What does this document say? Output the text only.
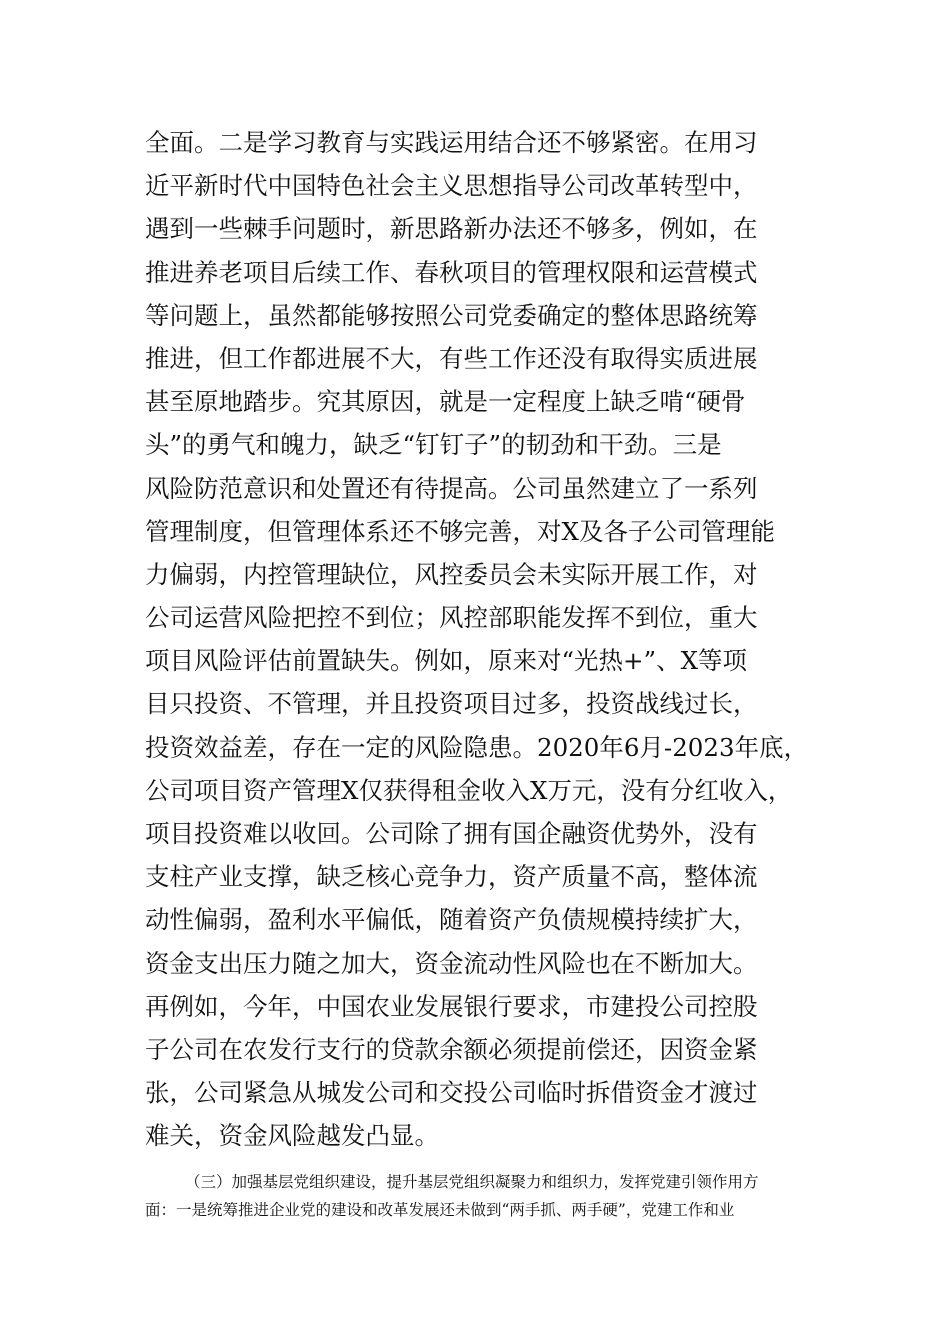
全面。二是学习教育与实践运用结合还不够紧密。在用习
近平新时代中国特色社会主义思想指导公司改革转型中，
遇到一些棘手问题时，新思路新办法还不够多，例如，在
推进养老项目后续工作、春秋项目的管理权限和运营模式
等问题上，虽然都能够按照公司党委确定的整体思路统筹
推进，但工作都进展不大，有些工作还没有取得实质进展
甚至原地踏步。究其原因，就是一定程度上缺乏啃“硬骨
头”的勇气和魄力，缺乏“钉钉子”的韧劲和干劲。三是
风险防范意识和处置还有待提高。公司虽然建立了一系列
管理制度，但管理体系还不够完善，对X及各子公司管理能
力偏弱，内控管理缺位，风控委员会未实际开展工作，对
公司运营风险把控不到位；风控部职能发挥不到位，重大
项目风险评估前置缺失。例如，原来对“光热+”、X等项
目只投资、不管理，并且投资项目过多，投资战线过长，
投资效益差，存在一定的风险隐患。2020年6月-2023年底，
公司项目资产管理X仅获得租金收入X万元，没有分红收入，
项目投资难以收回。公司除了拥有国企融资优势外，没有
支柱产业支撑，缺乏核心竞争力，资产质量不高，整体流
动性偏弱，盈利水平偏低，随着资产负债规模持续扩大，
资金支出压力随之加大，资金流动性风险也在不断加大。
再例如，今年，中国农业发展银行要求，市建投公司控股
子公司在农发行支行的贷款余额必须提前偿还，因资金紧
张，公司紧急从城发公司和交投公司临时拆借资金才渡过
难关，资金风险越发凸显。
（三）加强基层党组织建设，提升基层党组织凝聚力和组织力，发挥党建引领作用方
面：一是统筹推进企业党的建设和改革发展还未做到“两手抓、两手硬”，党建工作和业
